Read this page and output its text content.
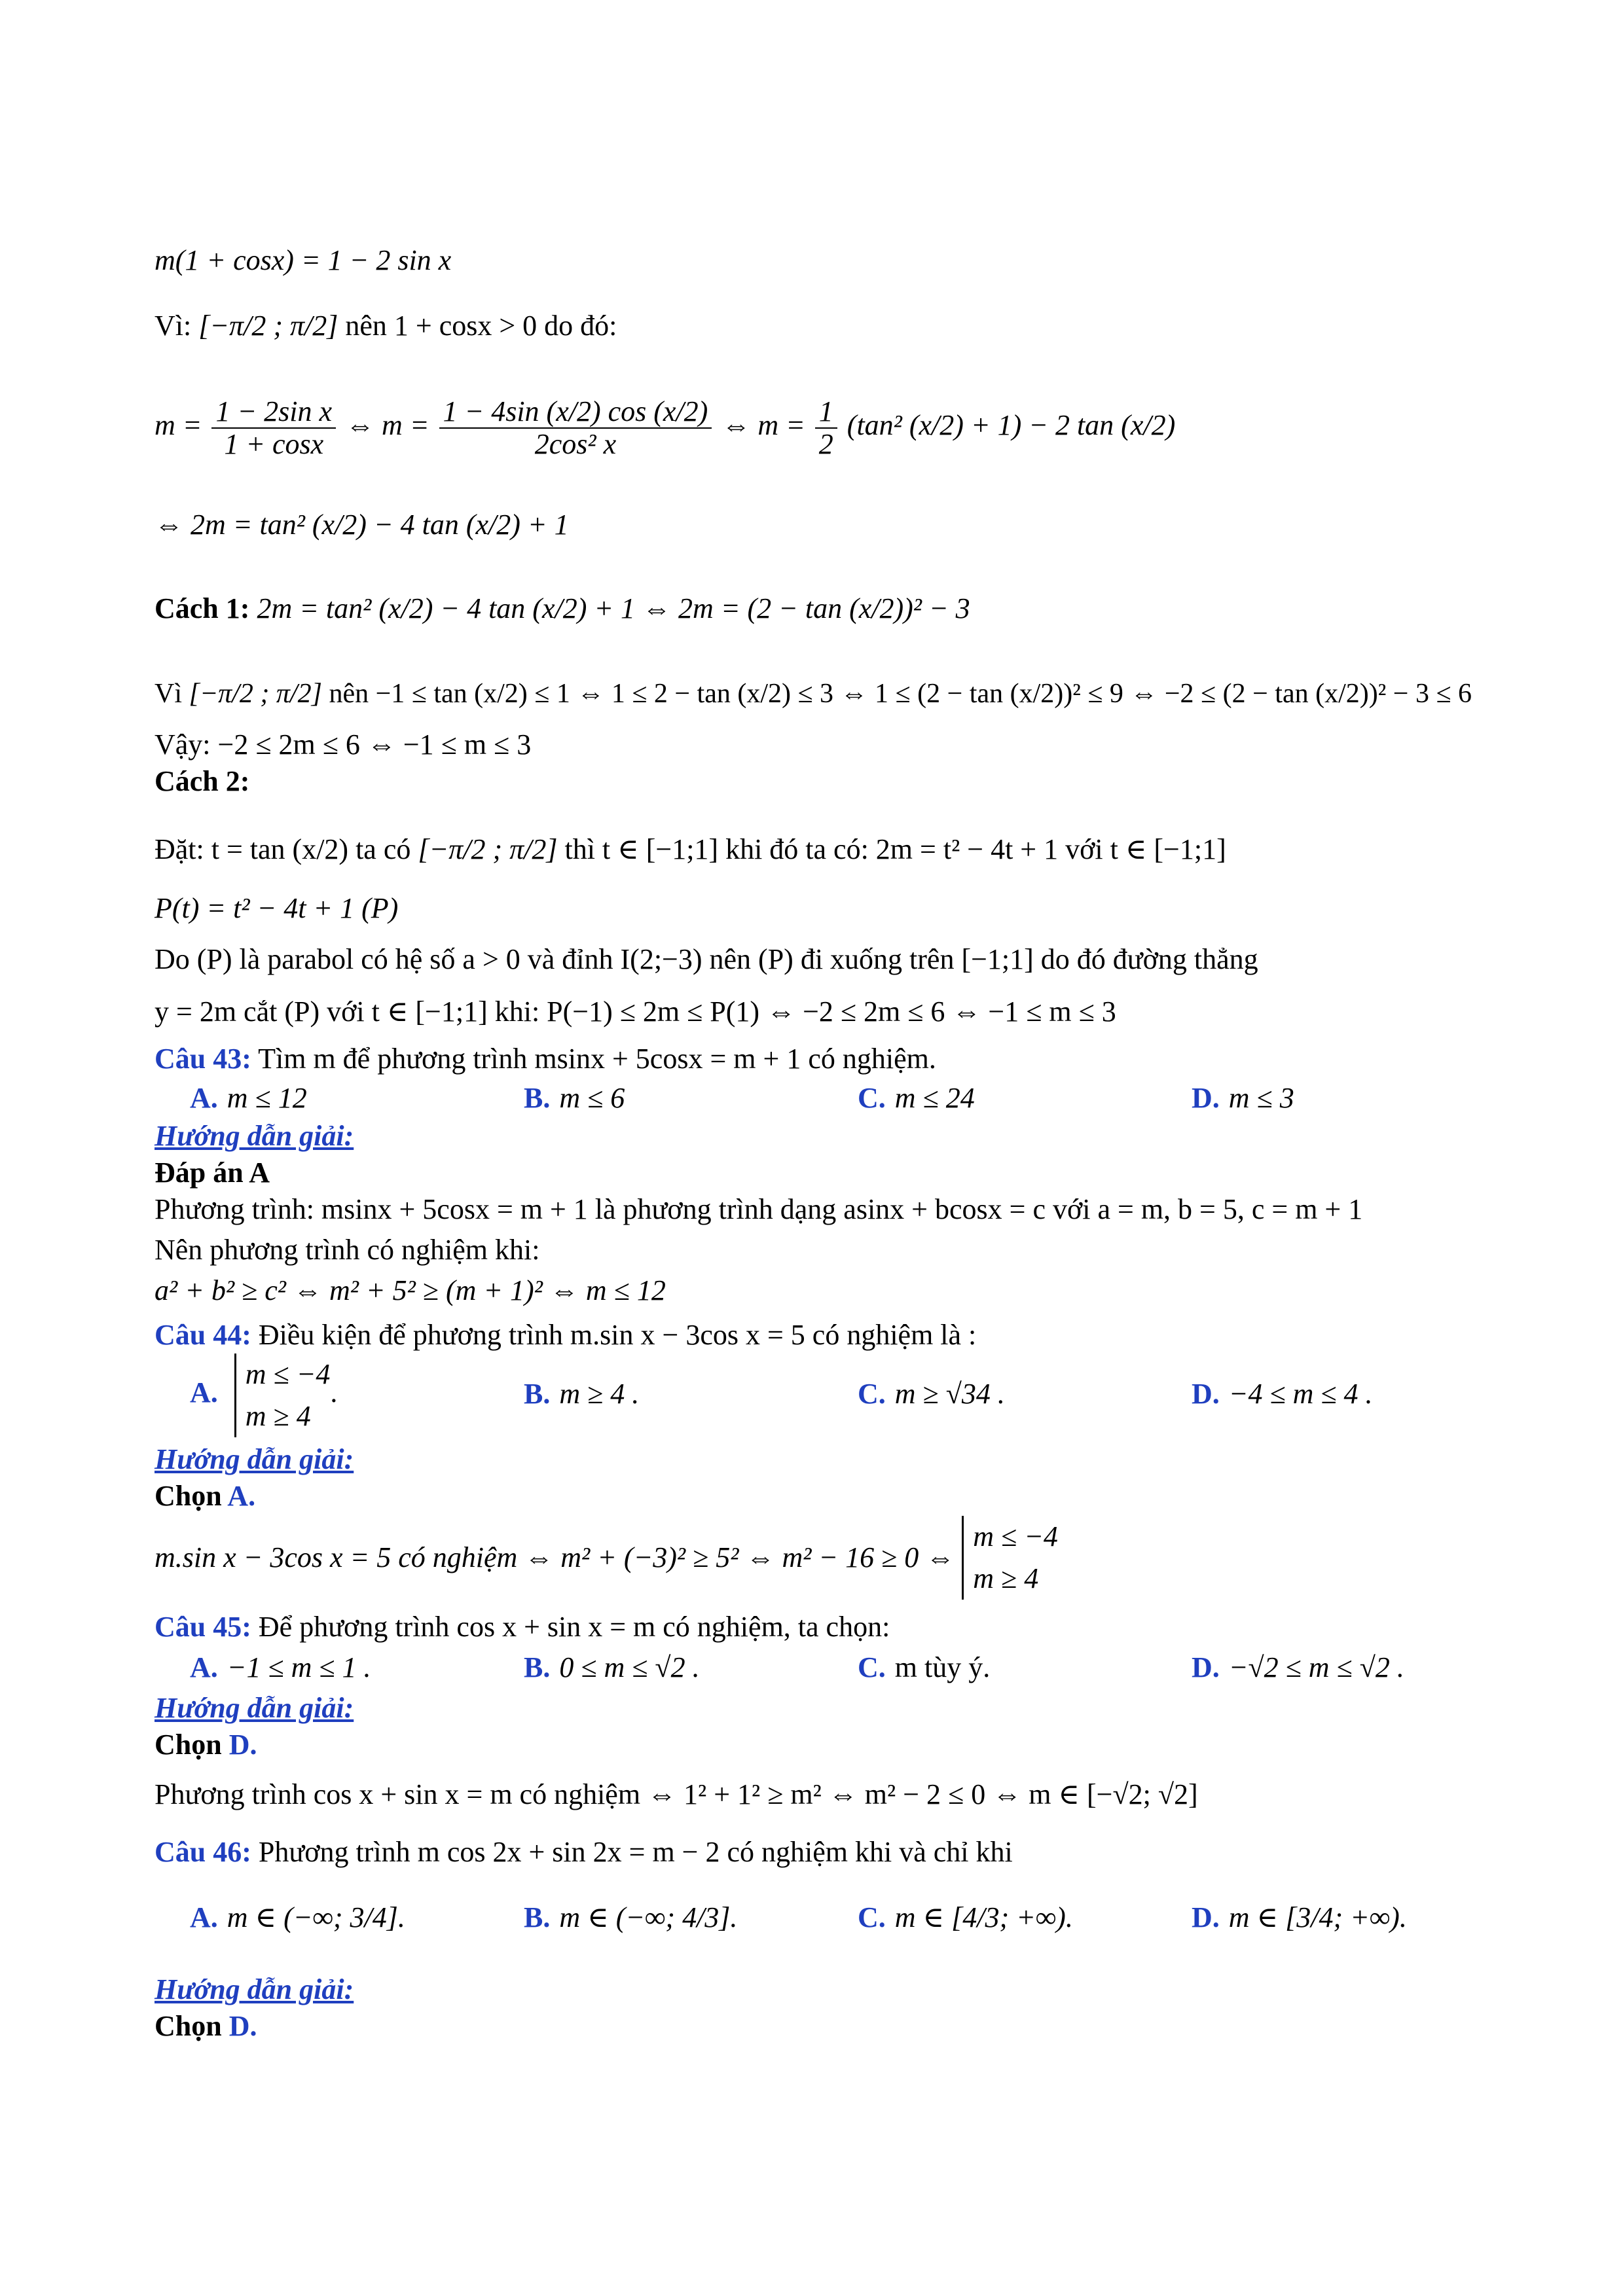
m(1 + cosx) = 1 − 2 sin x
Vì: [−π/2 ; π/2] nên 1 + cosx > 0 do đó:
$m = \frac{\text{1 − 2sin x}}{1 + \cos x}$ ⇔ $m = \frac{1 - 4\sin (x/2) \cos (x/2)}{\text{2cos² x}}$ ⇔ $m = \frac{1}{2} (\tan^2$ (x/2) + 1) − 2 tan (x/2)
⇔ 2m = tan² (x/2) − 4 tan (x/2) + 1
Cách 1: 2m = tan² (x/2) − 4 tan (x/2) + 1 ⇔ 2m = (2 − tan (x/2))² − 3
Vì [−π/2 ; π/2] nên −1 ≤ tan (x/2) ≤ 1 ⇔ 1 ≤ 2 − tan (x/2) ≤ 3 ⇔ 1 ≤ (2 − tan (x/2))² ≤ 9 ⇔ −2 ≤ (2 − tan (x/2))² − 3 ≤ 6
Vậy: −2 ≤ 2m ≤ 6 ⇔ −1 ≤ m ≤ 3
Cách 2:
Đặt: t = tan (x/2) ta có [−π/2 ; π/2] thì t ∈ [−1;1] khi đó ta có: 2m = t² − 4t + 1 với t ∈ [−1;1]
P(t) = t² − 4t + 1 (P)
Do (P) là parabol có hệ số a > 0 và đỉnh I(2;−3) nên (P) đi xuống trên [−1;1] do đó đường thẳng
y = 2m cắt (P) với t ∈ [−1;1] khi: P(−1) ≤ 2m ≤ P(1) ⇔ −2 ≤ 2m ≤ 6 ⇔ −1 ≤ m ≤ 3
Câu 43: Tìm m để phương trình msinx + 5cosx = m + 1 có nghiệm.
A. m ≤ 12	B. m ≤ 6	C. m ≤ 24	D. m ≤ 3
Hướng dẫn giải:
Đáp án A
Phương trình: msinx + 5cosx = m + 1 là phương trình dạng asinx + bcosx = c với a = m, b = 5, c = m + 1
Nên phương trình có nghiệm khi:
a² + b² ≥ c² ⇔ m² + 5² ≥ (m + 1)² ⇔ m ≤ 12
Câu 44: Điều kiện để phương trình m.sin x − 3cos x = 5 có nghiệm là :
A.
m ≤ −4
m ≥ 4
.	B. m ≥ 4 .	C. m ≥ √34 .	D. −4 ≤ m ≤ 4 .
Hướng dẫn giải:
Chọn A.
m.sin x − 3cos x = 5 có nghiệm ⇔ m² + (−3)² ≥ 5² ⇔ m² − 16 ≥ 0 ⇔
m ≤ −4
m ≥ 4
Câu 45: Để phương trình cos x + sin x = m có nghiệm, ta chọn:
A. −1 ≤ m ≤ 1 .	B. 0 ≤ m ≤ √2 .	C. m tùy ý.	D. −√2 ≤ m ≤ √2 .
Hướng dẫn giải:
Chọn D.
Phương trình cos x + sin x = m có nghiệm ⇔ 1² + 1² ≥ m² ⇔ m² − 2 ≤ 0 ⇔ m ∈ [−√2; √2]
Câu 46: Phương trình m cos 2x + sin 2x = m − 2 có nghiệm khi và chỉ khi
A. m ∈ (−∞; 3/4].	B. m ∈ (−∞; 4/3].	C. m ∈ [4/3; +∞).	D. m ∈ [3/4; +∞).
Hướng dẫn giải:
Chọn D.
